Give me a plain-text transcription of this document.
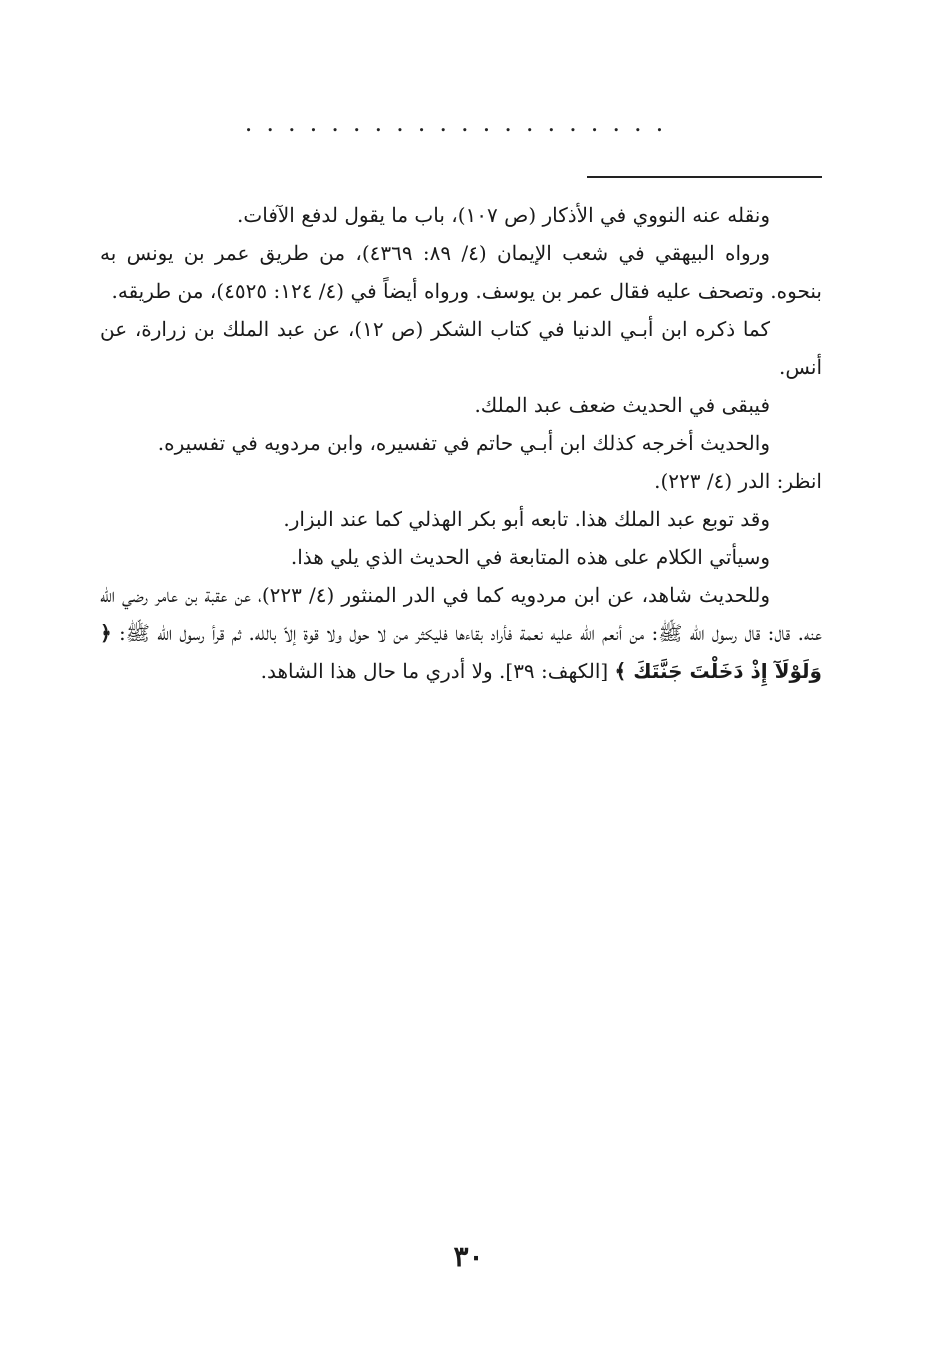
....................

ونقله عنه النووي في الأذكار (ص ١٠٧)، باب ما يقول لدفع الآفات.

ورواه البيهقي في شعب الإيمان (٤/ ٨٩: ٤٣٦٩)، من طريق عمر بن يونس به بنحوه. وتصحف عليه فقال عمر بن يوسف. ورواه أيضاً في (٤/ ١٢٤: ٤٥٢٥)، من طريقه.

كما ذكره ابن أبـي الدنيا في كتاب الشكر (ص ١٢)، عن عبد الملك بن زرارة، عن أنس.

فيبقى في الحديث ضعف عبد الملك.

والحديث أخرجه كذلك ابن أبـي حاتم في تفسيره، وابن مردويه في تفسيره.

انظر: الدر (٤/ ٢٢٣).

وقد توبع عبد الملك هذا. تابعه أبو بكر الهذلي كما عند البزار.

وسيأتي الكلام على هذه المتابعة في الحديث الذي يلي هذا.

وللحديث شاهد، عن ابن مردويه كما في الدر المنثور (٤/ ٢٢٣)، عن عقبة بن عامر رضي الله عنه. قال: قال رسول الله ﷺ: من أنعم الله عليه نعمة فأراد بقاءها فليكثر من لا حول ولا قوة إلاّ بالله. ثم قرأ رسول الله ﷺ: ﴿ وَلَوْلَآ إِذْ دَخَلْتَ جَنَّتَكَ ﴾ [الكهف: ٣٩]. ولا أدري ما حال هذا الشاهد.

٣٠
